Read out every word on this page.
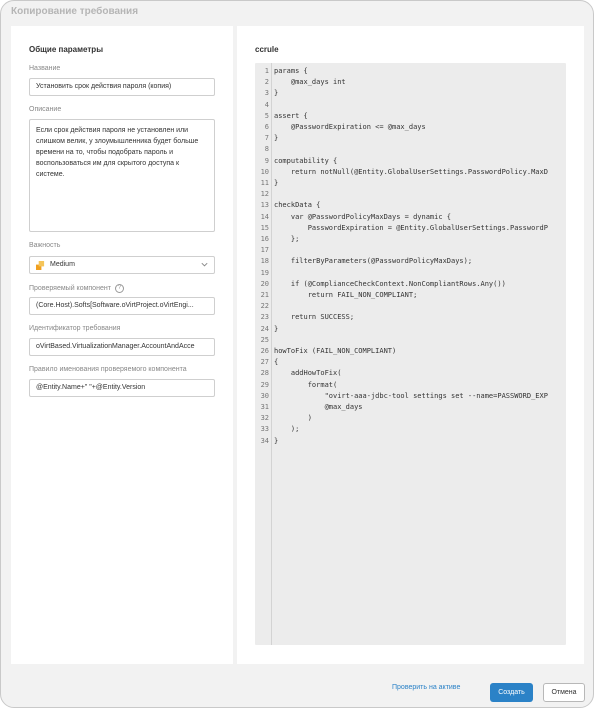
Копирование требования
Общие параметры
Название
Установить срок действия пароля (копия)
Описание
Если срок действия пароля не установлен или слишком велик, у злоумышленника будет больше времени на то, чтобы подобрать пароль и воспользоваться им для скрытого доступа к системе.
Важность
Medium
Проверяемый компонент	?
(Core.Host).Softs[Software.oVirtProject.oVirtEngi...
Идентификатор требования
oVirtBased.VirtualizationManager.AccountAndAcce
Правило именования проверяемого компонента
@Entity.Name+" "+@Entity.Version
ccrule
1 params {
2    @max_days int
3 }
4
5 assert {
6    @PasswordExpiration <= @max_days
7 }
8
9 computability {
10    return notNull(@Entity.GlobalUserSettings.PasswordPolicy.MaxD
11 }
12
13 checkData {
14    var @PasswordPolicyMaxDays = dynamic {
15        PasswordExpiration = @Entity.GlobalUserSettings.PasswordP
16    };
17
18    filterByParameters(@PasswordPolicyMaxDays);
19
20    if (@ComplianceCheckContext.NonCompliantRows.Any())
21        return FAIL_NON_COMPLIANT;
22
23    return SUCCESS;
24 }
25
26 howToFix (FAIL_NON_COMPLIANT)
27 {
28    addHowToFix(
29        format(
30            "ovirt-aaa-jdbc-tool settings set --name=PASSWORD_EXP
31            @max_days
32        )
33    );
34 }
Проверить на активе
Создать	Отмена
